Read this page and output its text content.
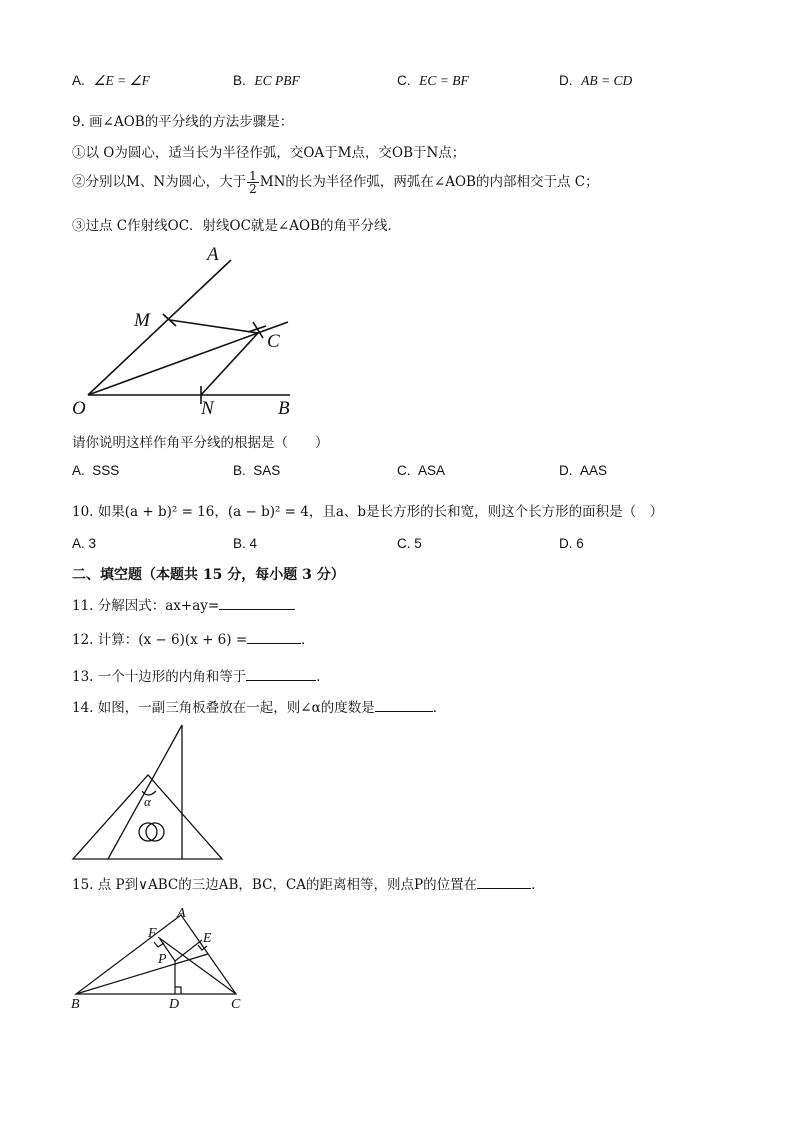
A. ∠E = ∠F	B. EC PBF	C. EC = BF	D. AB = CD
9. 画∠AOB的平分线的方法步骤是：
①以 O为圆心，适当长为半径作弧，交OA于M点，交OB于N点；
②分别以M、N为圆心，大于 $\frac{1}{2}$ MN的长为半径作弧，两弧在∠AOB的内部相交于点 C；
③过点 C作射线OC．射线OC就是∠AOB的角平分线．
A
M
C
O	N	B
请你说明这样作角平分线的根据是（　　）
A. SSS	B. SAS	C. ASA	D. AAS
10. 如果(a + b)² = 16，(a − b)² = 4，且a、b是长方形的长和宽，则这个长方形的面积是（　）
A. 3	B. 4	C. 5	D. 6
二、填空题（本题共 15 分，每小题 3 分）
11. 分解因式：ax+ay=
12. 计算：(x − 6)(x + 6) =	．
13. 一个十边形的内角和等于	．
14. 如图，一副三角板叠放在一起，则∠α的度数是	．
α
15. 点 P到∨ABC的三边AB，BC，CA的距离相等，则点P的位置在	．
A
F	E
P
B	D	C
